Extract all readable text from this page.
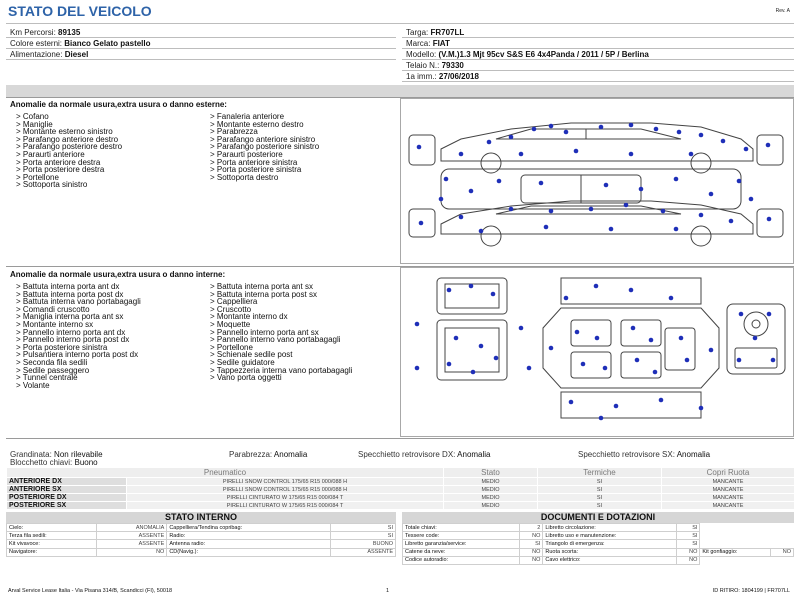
STATO DEL VEICOLO	Rev. A
Km Percorsi: 89135
Colore esterni: Bianco Gelato pastello
Alimentazione: Diesel
Targa: FR707LL
Marca: FIAT
Modello: (V.M.)1.3 Mjt 95cv S&S E6 4x4Panda / 2011 / 5P / Berlina
Telaio N.: 79330
1a imm.: 27/06/2018
Anomalie da normale usura,extra usura o danno esterne:
> Cofano
> Maniglie
> Montante esterno sinistro
> Parafango anteriore destro
> Parafango posteriore destro
> Paraurti anteriore
> Porta anteriore destra
> Porta posteriore destra
> Portellone
> Sottoporta sinistro
> Fanaleria anteriore
> Montante esterno destro
> Parabrezza
> Parafango anteriore sinistro
> Parafango posteriore sinistro
> Paraurti posteriore
> Porta anteriore sinistra
> Porta posteriore sinistra
> Sottoporta destro
Anomalie da normale usura,extra usura o danno interne:
> Battuta interna porta ant dx
> Battuta interna porta post dx
> Battuta interna vano portabagagli
> Comandi cruscotto
> Maniglia interna porta ant sx
> Montante interno sx
> Pannello interno porta ant dx
> Pannello interno porta post dx
> Porta posteriore sinistra
> Pulsantiera interno porta post dx
> Seconda fila sedili
> Sedile passeggero
> Tunnel centrale
> Volante
> Battuta interna porta ant sx
> Battuta interna porta post sx
> Cappelliera
> Cruscotto
> Montante interno dx
> Moquette
> Pannello interno porta ant sx
> Pannello interno vano portabagagli
> Portellone
> Schienale sedile post
> Sedile guidatore
> Tappezzeria interna vano portabagagli
> Vano porta oggetti
Grandinata: Non rilevabile	Parabrezza: Anomalia	Specchietto retrovisore DX: Anomalia	Specchietto retrovisore SX: Anomalia
Blocchetto chiavi: Buono
Pneumatico		Stato	Termiche	Copri Ruota
ANTERIORE DX	PIRELLI SNOW CONTROL 175/65 R15 000/088 H	MEDIO	SI	MANCANTE
ANTERIORE SX	PIRELLI SNOW CONTROL 175/65 R15 000/088 H	MEDIO	SI	MANCANTE
POSTERIORE DX	PIRELLI CINTURATO W 175/65 R15 000/084 T	MEDIO	SI	MANCANTE
POSTERIORE SX	PIRELLI CINTURATO W 175/65 R15 000/084 T	MEDIO	SI	MANCANTE
STATO INTERNO
Cielo:	ANOMALIA	Cappelliera/Tendina copribag:	SI
Terza fila sedili:	ASSENTE	Radio:	SI
Kit vivavoce:	ASSENTE	Antenna radio:	BUONO
Navigatore:	NO	CD(Navig.):	ASSENTE
DOCUMENTI E DOTAZIONI
Totale chiavi:	2	Libretto circolazione:	SI		
Tessere code:	NO	Libretto uso e manutenzione:	SI		
Libretto garanzia/service:	SI	Triangolo di emergenza:	SI		
Catene da neve:	NO	Ruota scorta:	NO	Kit gonfiaggio:	NO
Codice autoradio:	NO	Cavo elettrico:	NO		
Arval Service Lease Italia - Via Pisana 314/B, Scandicci (FI), 50018	1	ID RITIRO: 1804199 | FR707LL
